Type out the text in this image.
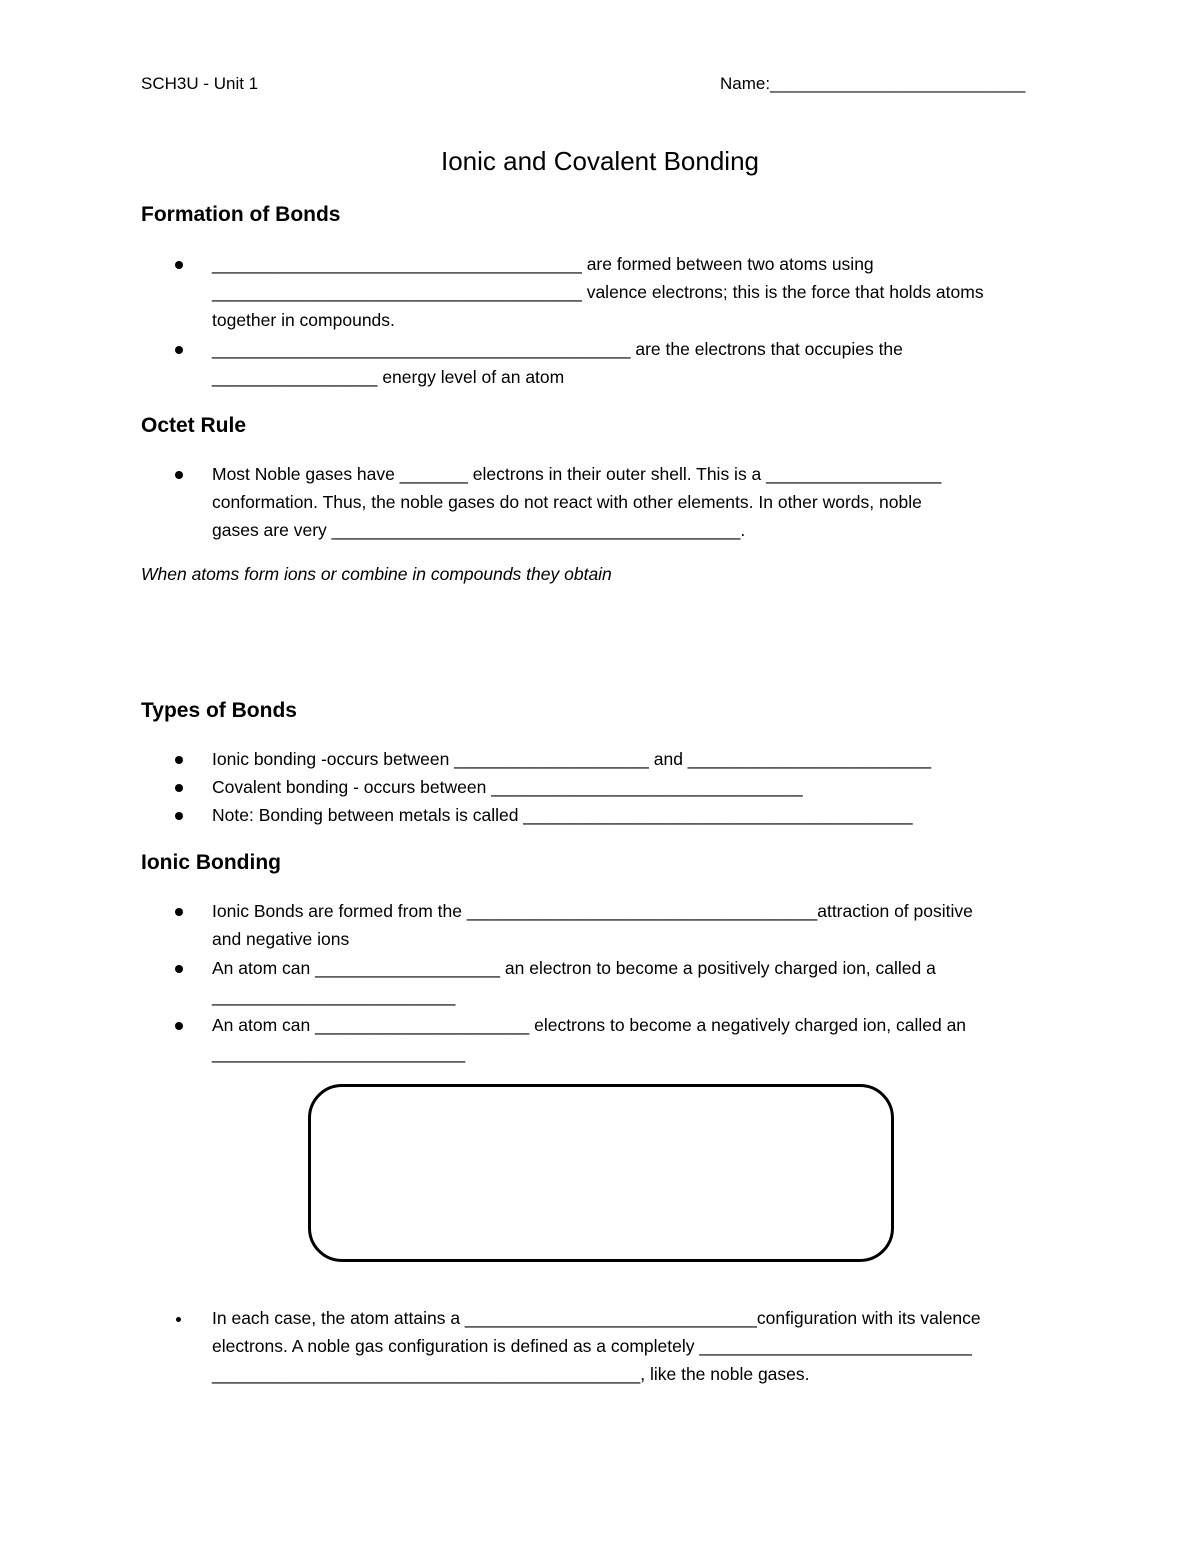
SCH3U - Unit 1	Name:___________________________
Ionic and Covalent Bonding
Formation of Bonds
______________________________________ are formed between two atoms using
______________________________________ valence electrons; this is the force that holds atoms
together in compounds.
___________________________________________ are the electrons that occupies the
_________________ energy level of an atom
Octet Rule
Most Noble gases have _______ electrons in their outer shell. This is a __________________
conformation. Thus, the noble gases do not react with other elements. In other words, noble
gases are very __________________________________________.
When atoms form ions or combine in compounds they obtain
Types of Bonds
Ionic bonding -occurs between ____________________ and _________________________
Covalent bonding - occurs between ________________________________
Note: Bonding between metals is called ________________________________________
Ionic Bonding
Ionic Bonds are formed from the ____________________________________attraction of positive
and negative ions
An atom can ___________________ an electron to become a positively charged ion, called a
_________________________
An atom can ______________________ electrons to become a negatively charged ion, called an
__________________________
In each case, the atom attains a ______________________________configuration with its valence
electrons. A noble gas configuration is defined as a completely ____________________________
____________________________________________, like the noble gases.
